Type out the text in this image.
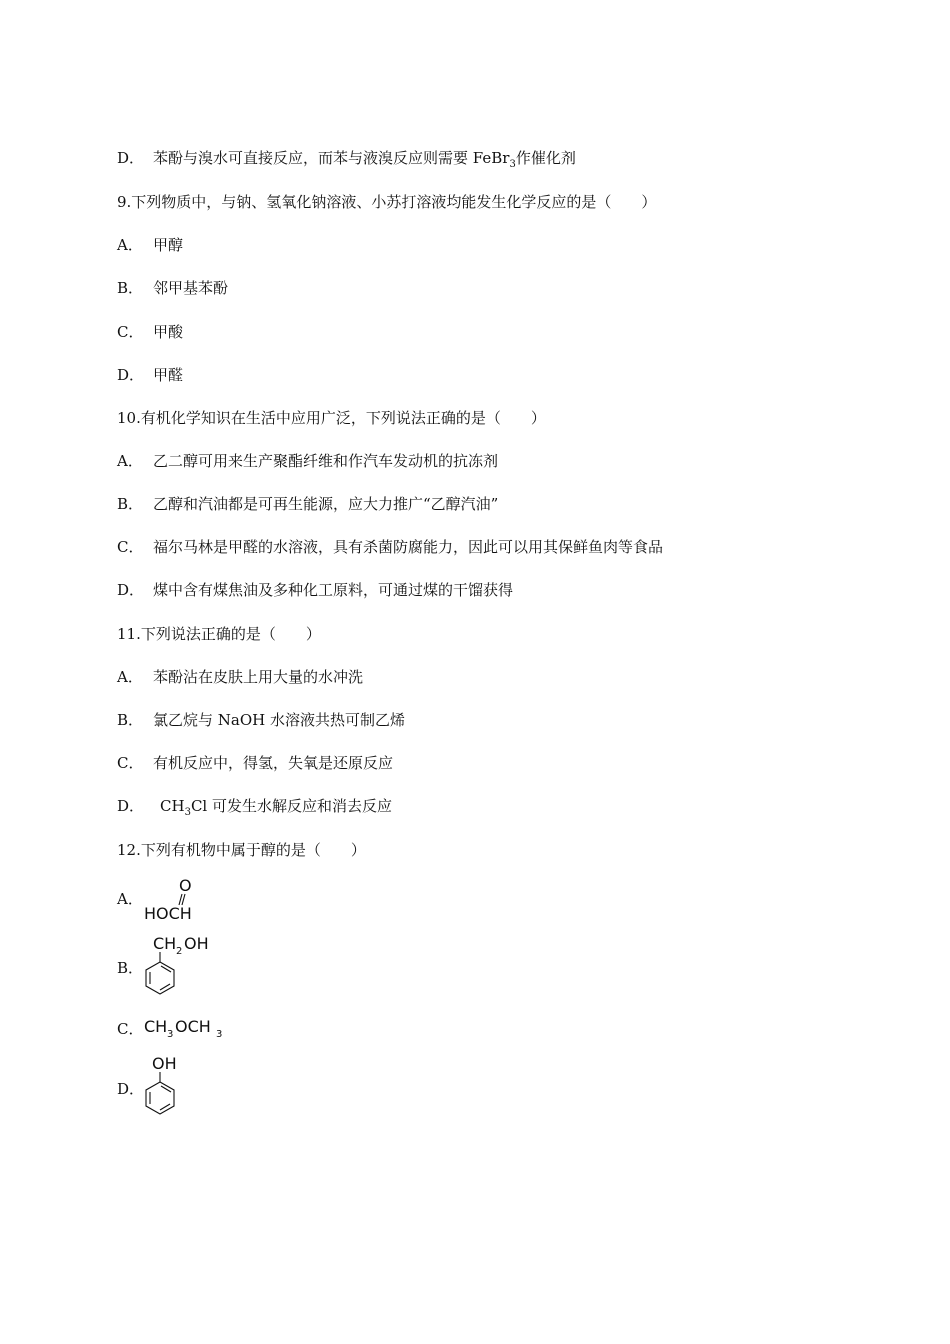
D． 苯酚与溴水可直接反应，而苯与液溴反应则需要 FeBr$_3$作催化剂
9.下列物质中，与钠、氢氧化钠溶液、小苏打溶液均能发生化学反应的是（　　）
A． 甲醇
B． 邻甲基苯酚
C． 甲酸
D． 甲醛
10.有机化学知识在生活中应用广泛，下列说法正确的是（　　）
A． 乙二醇可用来生产聚酯纤维和作汽车发动机的抗冻剂
B． 乙醇和汽油都是可再生能源，应大力推广“乙醇汽油”
C． 福尔马林是甲醛的水溶液，具有杀菌防腐能力，因此可以用其保鲜鱼肉等食品
D． 煤中含有煤焦油及多种化工原料，可通过煤的干馏获得
11.下列说法正确的是（　　）
A． 苯酚沾在皮肤上用大量的水冲洗
B． 氯乙烷与 NaOH 水溶液共热可制乙烯
C． 有机反应中，得氢，失氧是还原反应
D． $CH_3Cl$ 可发生水解反应和消去反应
12.下列有机物中属于醇的是（　　）
A．
O
HOCH
B．
CH 2 OH
C． CH 3 OCH 3
D．
OH
